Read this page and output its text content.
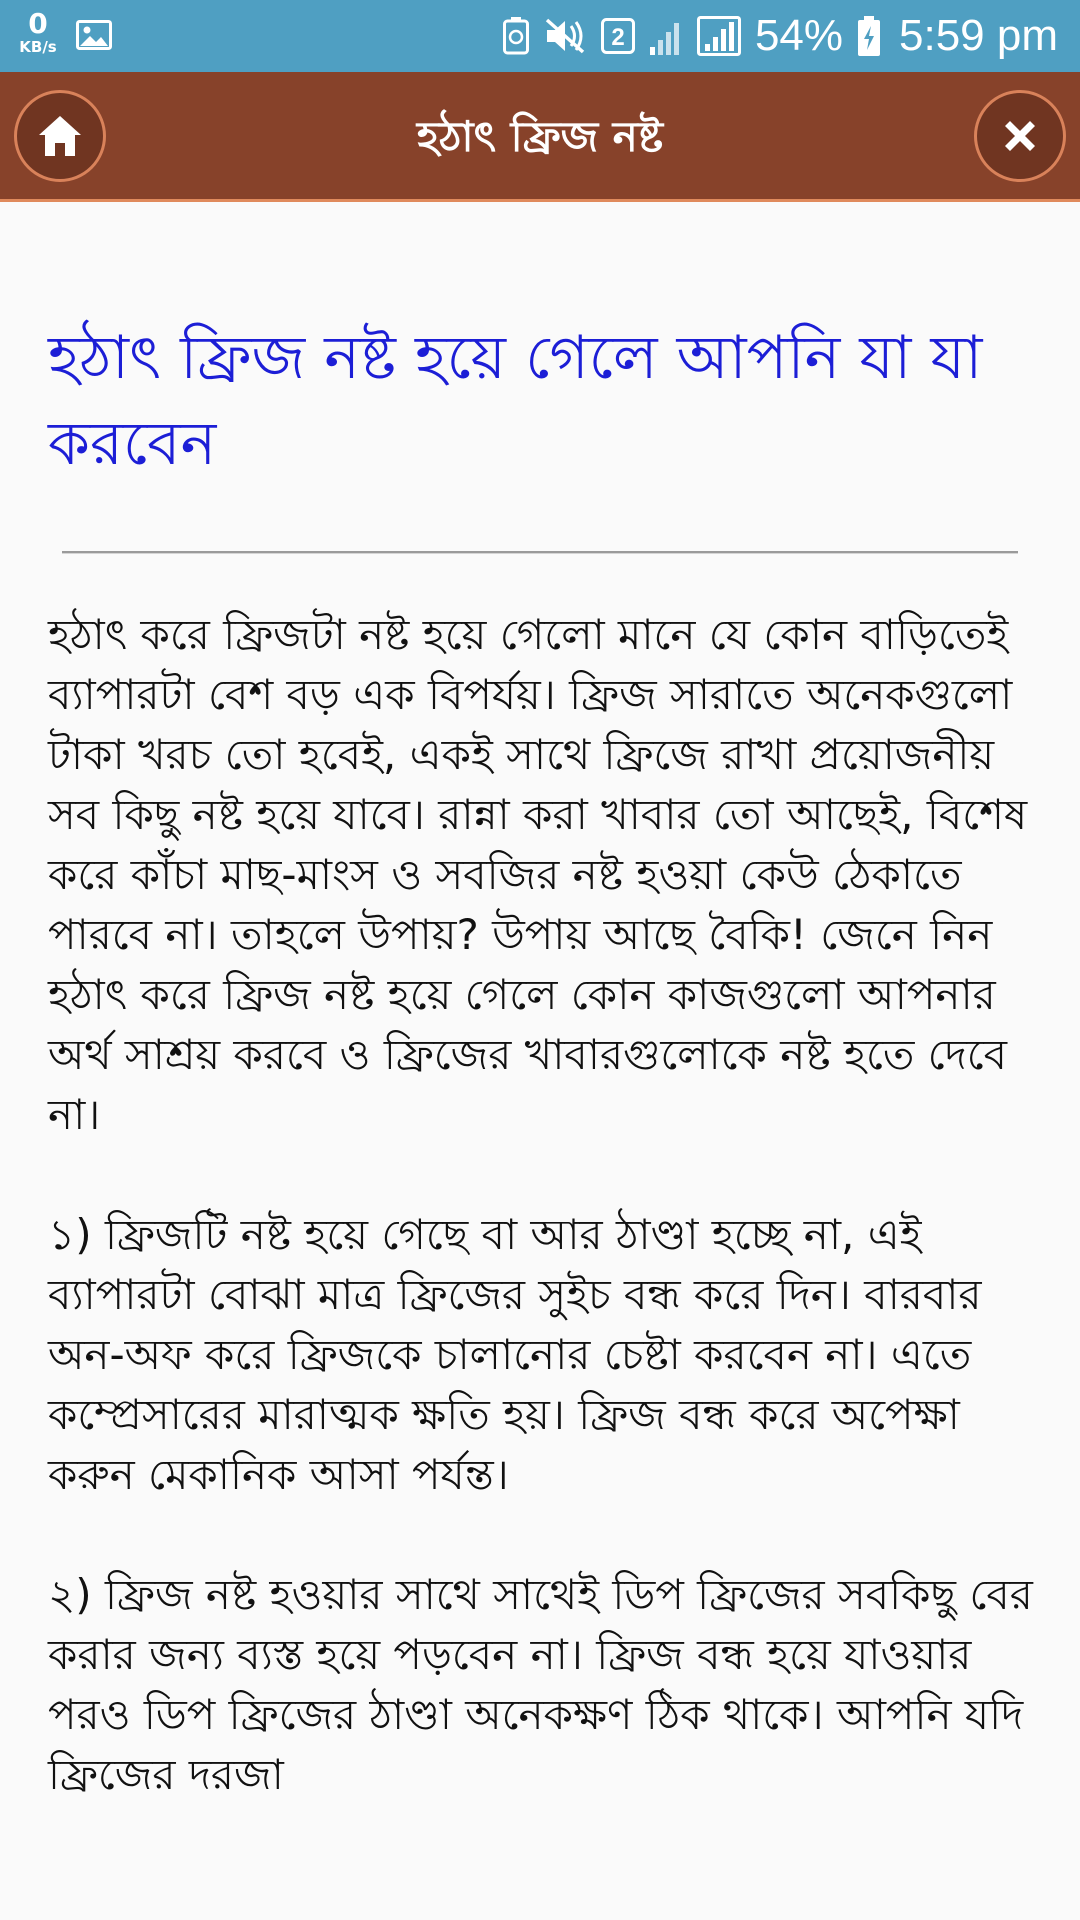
0
KB/s	2	54% 5:59 pm
হঠাৎ ফ্রিজ নষ্ট
হঠাৎ ফ্রিজ নষ্ট হয়ে গেলে আপনি যা যা করবেন

হঠাৎ করে ফ্রিজটা নষ্ট হয়ে গেলো মানে যে কোন বাড়িতেই ব্যাপারটা বেশ বড় এক বিপর্যয়। ফ্রিজ সারাতে অনেকগুলো টাকা খরচ তো হবেই, একই সাথে ফ্রিজে রাখা প্রয়োজনীয় সব কিছু নষ্ট হয়ে যাবে। রান্না করা খাবার তো আছেই, বিশেষ করে কাঁচা মাছ-মাংস ও সবজির নষ্ট হওয়া কেউ ঠেকাতে পারবে না। তাহলে উপায়? উপায় আছে বৈকি! জেনে নিন হঠাৎ করে ফ্রিজ নষ্ট হয়ে গেলে কোন কাজগুলো আপনার অর্থ সাশ্রয় করবে ও ফ্রিজের খাবারগুলোকে নষ্ট হতে দেবে না।

১) ফ্রিজটি নষ্ট হয়ে গেছে বা আর ঠাণ্ডা হচ্ছে না, এই ব্যাপারটা বোঝা মাত্র ফ্রিজের সুইচ বন্ধ করে দিন। বারবার অন-অফ করে ফ্রিজকে চালানোর চেষ্টা করবেন না। এতে কম্প্রেসারের মারাত্মক ক্ষতি হয়। ফ্রিজ বন্ধ করে অপেক্ষা করুন মেকানিক আসা পর্যন্ত।

২) ফ্রিজ নষ্ট হওয়ার সাথে সাথেই ডিপ ফ্রিজের সবকিছু বের করার জন্য ব্যস্ত হয়ে পড়বেন না। ফ্রিজ বন্ধ হয়ে যাওয়ার পরও ডিপ ফ্রিজের ঠাণ্ডা অনেকক্ষণ ঠিক থাকে। আপনি যদি ফ্রিজের দরজা
